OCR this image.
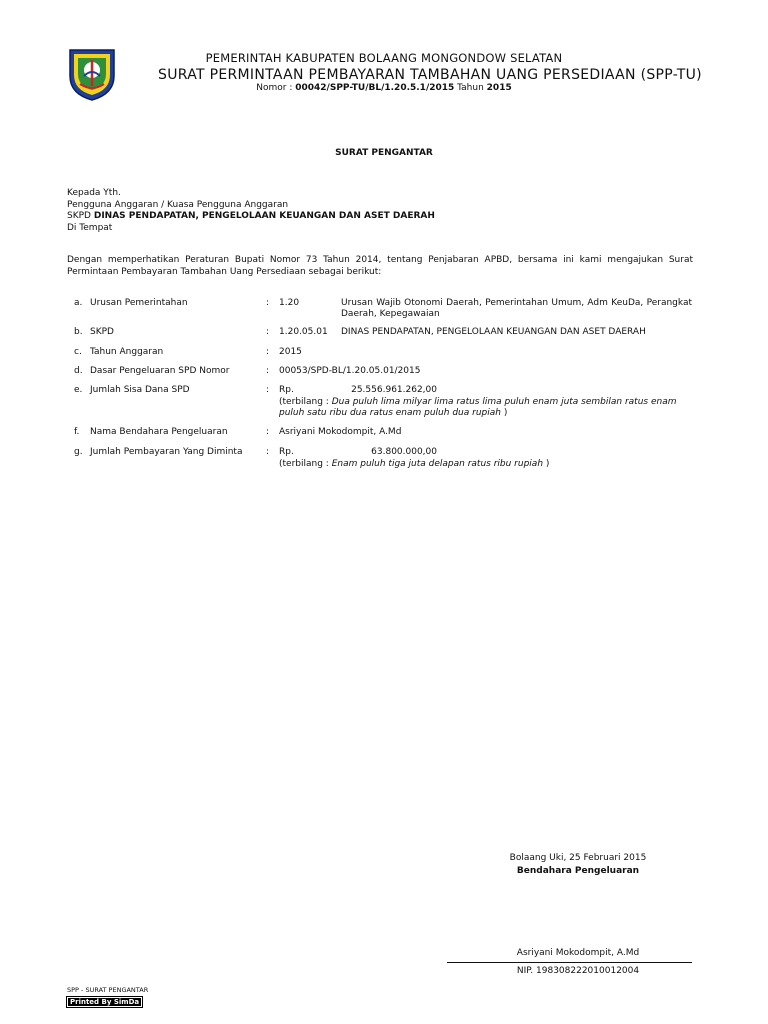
PEMERINTAH KABUPATEN BOLAANG MONGONDOW SELATAN
SURAT PERMINTAAN PEMBAYARAN TAMBAHAN UANG PERSEDIAAN (SPP-TU)
Nomor : 00042/SPP-TU/BL/1.20.5.1/2015 Tahun 2015
SURAT PENGANTAR
Kepada Yth.
Pengguna Anggaran / Kuasa Pengguna Anggaran
SKPD DINAS PENDAPATAN, PENGELOLAAN KEUANGAN DAN ASET DAERAH
Di Tempat
Dengan memperhatikan Peraturan Bupati Nomor 73 Tahun 2014, tentang Penjabaran APBD, bersama ini kami mengajukan Surat Permintaan Pembayaran Tambahan Uang Persediaan sebagai berikut:
a. Urusan Pemerintahan	: 1.20	Urusan Wajib Otonomi Daerah, Pemerintahan Umum, Adm KeuDa, Perangkat Daerah, Kepegawaian
b. SKPD	: 1.20.05.01 DINAS PENDAPATAN, PENGELOLAAN KEUANGAN DAN ASET DAERAH
c. Tahun Anggaran	: 2015
d. Dasar Pengeluaran SPD Nomor	: 00053/SPD-BL/1.20.05.01/2015
e. Jumlah Sisa Dana SPD	: Rp.	25.556.961.262,00
(terbilang : Dua puluh lima milyar lima ratus lima puluh enam juta sembilan ratus enam puluh satu ribu dua ratus enam puluh dua rupiah )
f. Nama Bendahara Pengeluaran	: Asriyani Mokodompit, A.Md
g. Jumlah Pembayaran Yang Diminta	: Rp.	63.800.000,00
(terbilang : Enam puluh tiga juta delapan ratus ribu rupiah )
Bolaang Uki, 25 Februari 2015
Bendahara Pengeluaran
Asriyani Mokodompit, A.Md
NIP. 198308222010012004
SPP - SURAT PENGANTAR
Printed By SimDa
